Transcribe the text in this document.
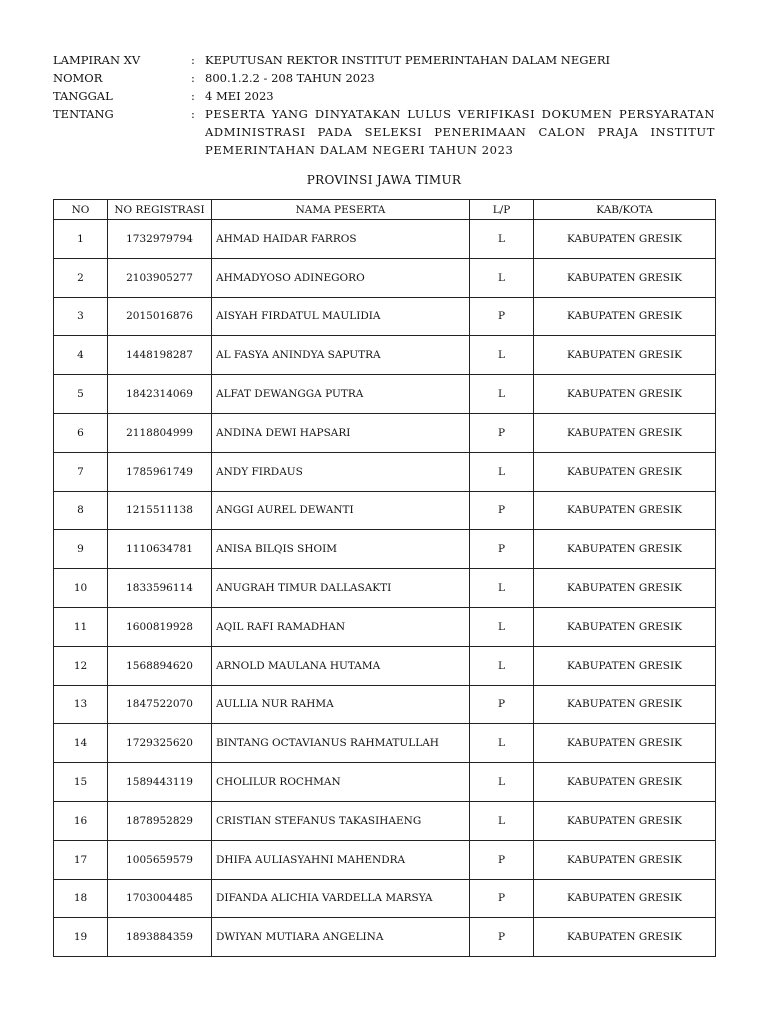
LAMPIRAN XV	: KEPUTUSAN REKTOR INSTITUT PEMERINTAHAN DALAM NEGERI
NOMOR	: 800.1.2.2 - 208 TAHUN 2023
TANGGAL	: 4 MEI 2023
TENTANG	: PESERTA YANG DINYATAKAN LULUS VERIFIKASI DOKUMEN PERSYARATAN ADMINISTRASI PADA SELEKSI PENERIMAAN CALON PRAJA INSTITUT PEMERINTAHAN DALAM NEGERI TAHUN 2023
PROVINSI JAWA TIMUR
NO	NO REGISTRASI	NAMA PESERTA	L/P	KAB/KOTA
1	1732979794	AHMAD HAIDAR FARROS	L	KABUPATEN GRESIK
2	2103905277	AHMADYOSO ADINEGORO	L	KABUPATEN GRESIK
3	2015016876	AISYAH FIRDATUL MAULIDIA	P	KABUPATEN GRESIK
4	1448198287	AL FASYA ANINDYA SAPUTRA	L	KABUPATEN GRESIK
5	1842314069	ALFAT DEWANGGA PUTRA	L	KABUPATEN GRESIK
6	2118804999	ANDINA DEWI HAPSARI	P	KABUPATEN GRESIK
7	1785961749	ANDY FIRDAUS	L	KABUPATEN GRESIK
8	1215511138	ANGGI AUREL DEWANTI	P	KABUPATEN GRESIK
9	1110634781	ANISA BILQIS SHOIM	P	KABUPATEN GRESIK
10	1833596114	ANUGRAH TIMUR DALLASAKTI	L	KABUPATEN GRESIK
11	1600819928	AQIL RAFI RAMADHAN	L	KABUPATEN GRESIK
12	1568894620	ARNOLD MAULANA HUTAMA	L	KABUPATEN GRESIK
13	1847522070	AULLIA NUR RAHMA	P	KABUPATEN GRESIK
14	1729325620	BINTANG OCTAVIANUS RAHMATULLAH	L	KABUPATEN GRESIK
15	1589443119	CHOLILUR ROCHMAN	L	KABUPATEN GRESIK
16	1878952829	CRISTIAN STEFANUS TAKASIHAENG	L	KABUPATEN GRESIK
17	1005659579	DHIFA AULIASYAHNI MAHENDRA	P	KABUPATEN GRESIK
18	1703004485	DIFANDA ALICHIA VARDELLA MARSYA	P	KABUPATEN GRESIK
19	1893884359	DWIYAN MUTIARA ANGELINA	P	KABUPATEN GRESIK
